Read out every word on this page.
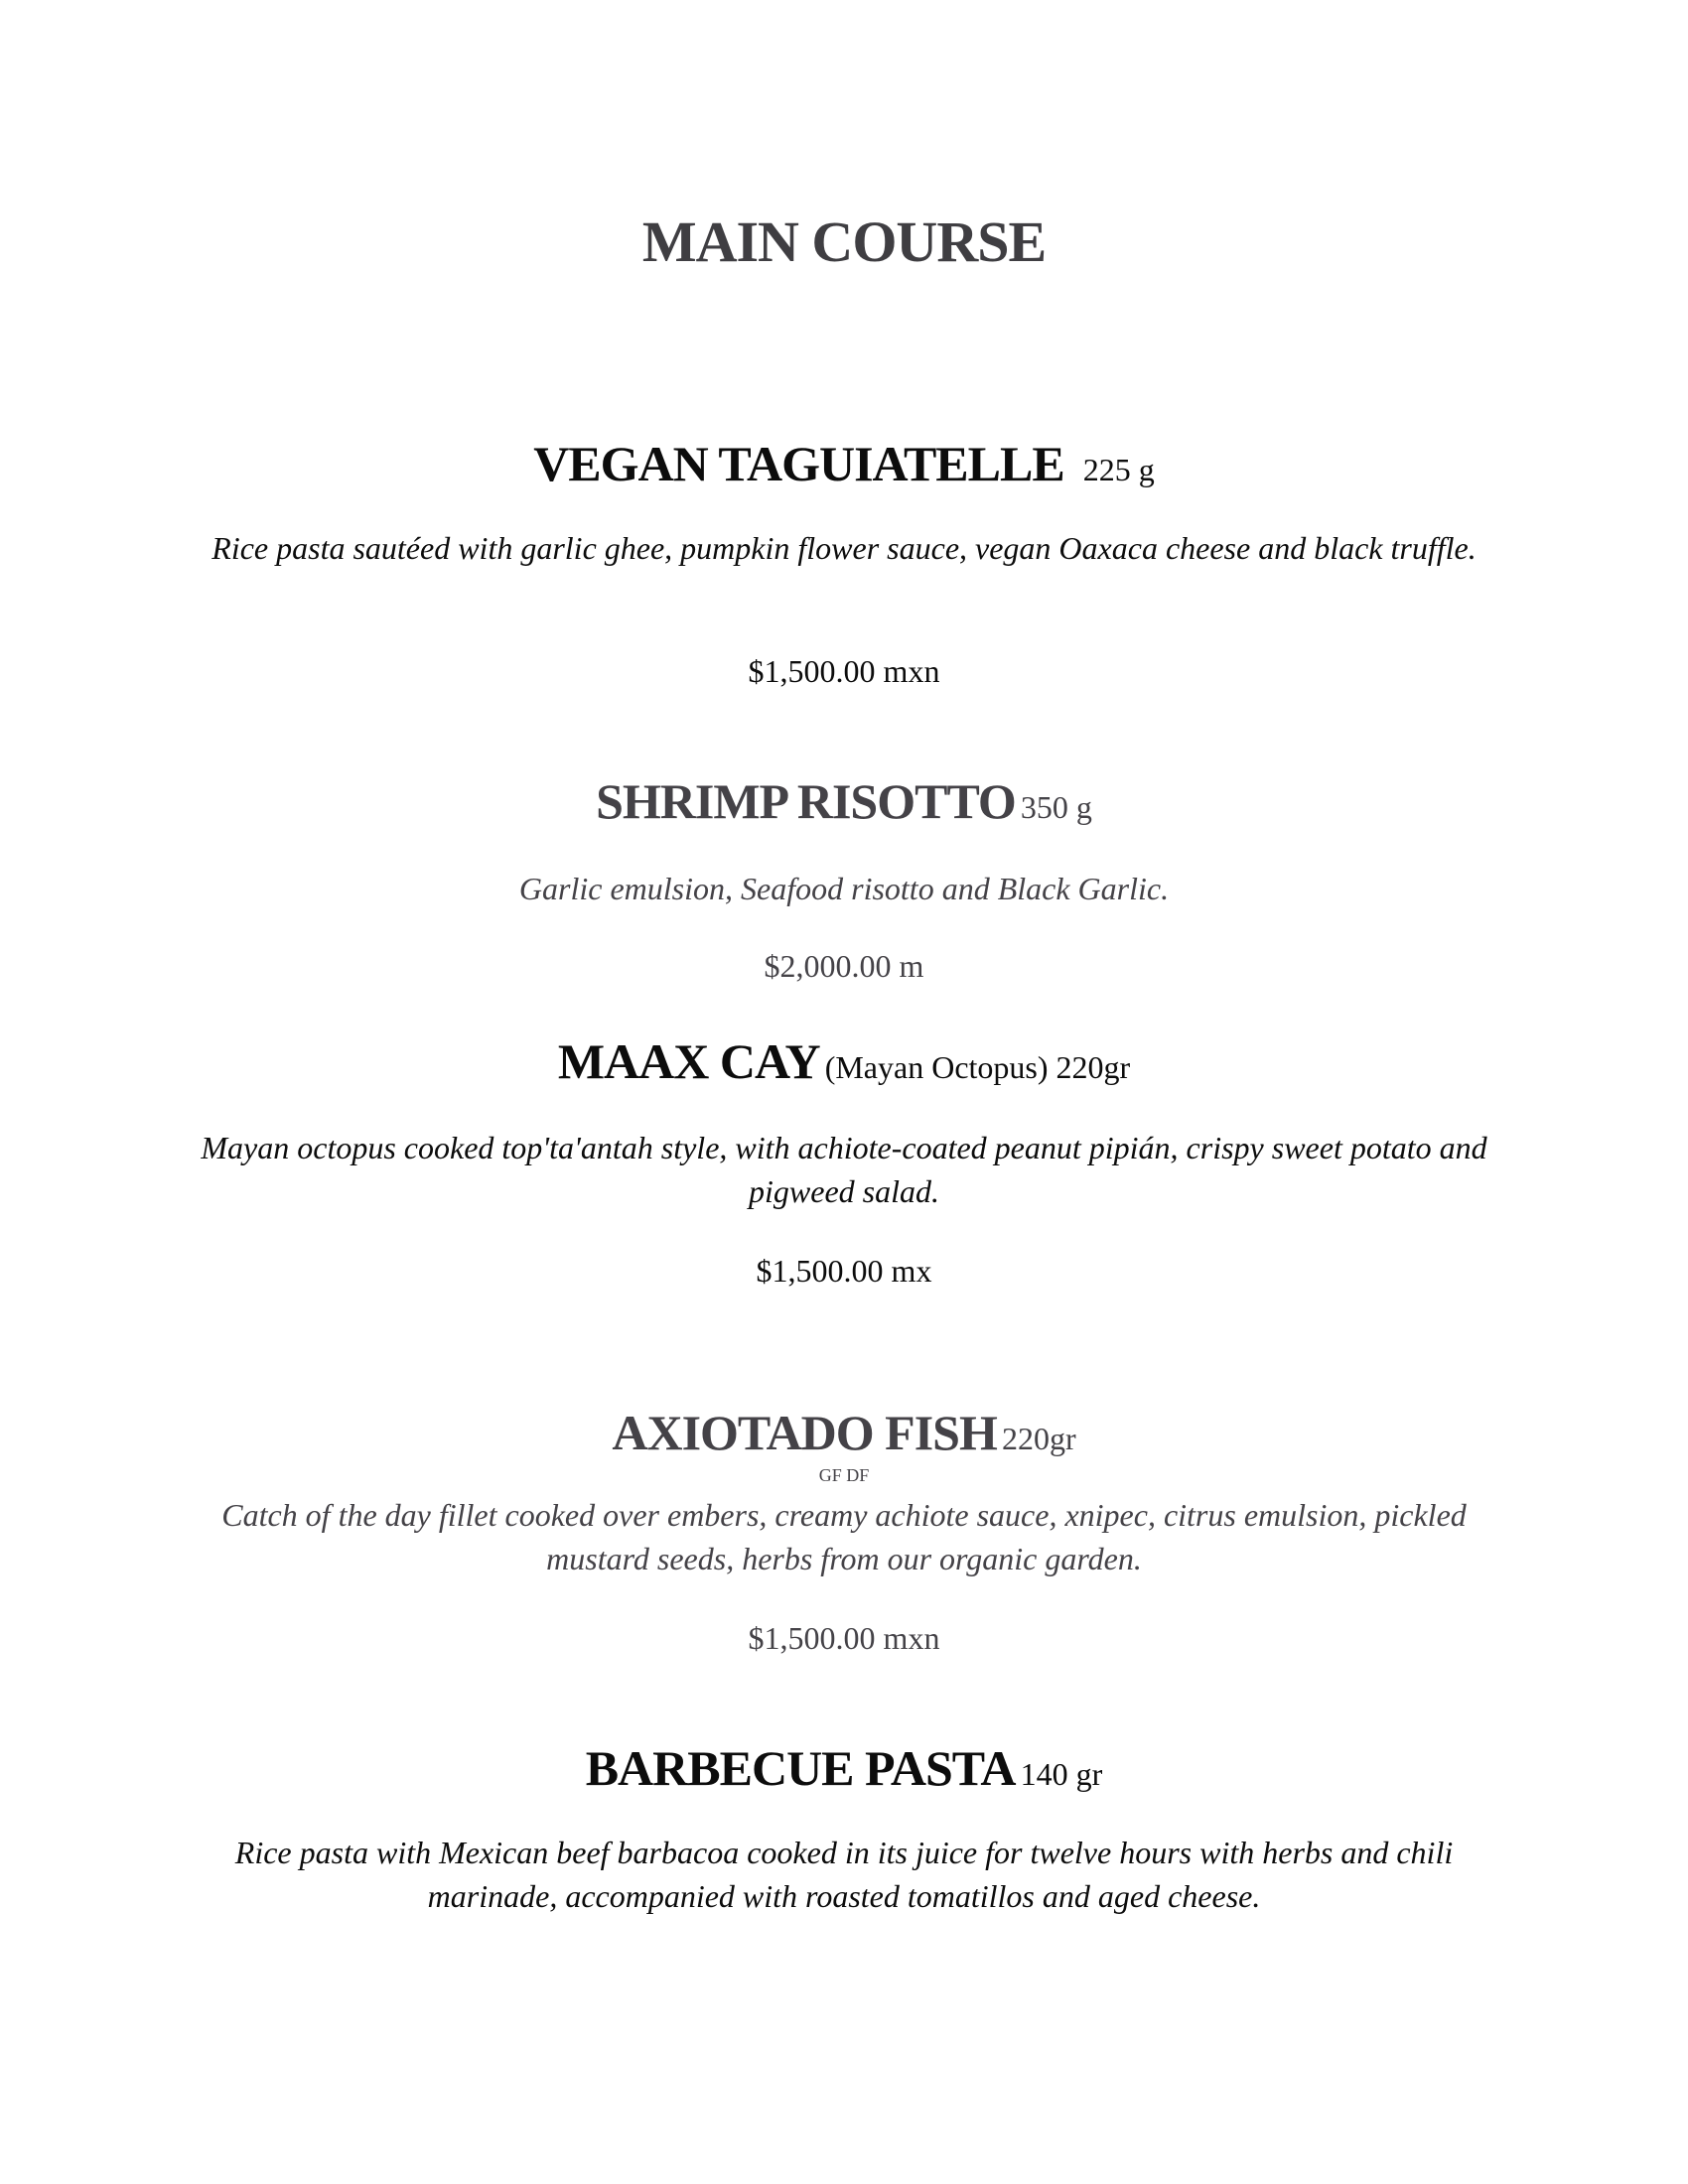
MAIN COURSE
VEGAN TAGUIATELLE 225 g
Rice pasta sautéed with garlic ghee, pumpkin flower sauce, vegan Oaxaca cheese and black truffle.
$1,500.00 mxn
SHRIMP RISOTTO 350 g
Garlic emulsion, Seafood risotto and Black Garlic.
$2,000.00 m
MAAX CAY (Mayan Octopus) 220gr
Mayan octopus cooked top'ta'antah style, with achiote-coated peanut pipián, crispy sweet potato and pigweed salad.
$1,500.00 mx
AXIOTADO FISH 220gr
GF DF
Catch of the day fillet cooked over embers, creamy achiote sauce, xnipec, citrus emulsion, pickled mustard seeds, herbs from our organic garden.
$1,500.00 mxn
BARBECUE PASTA 140 gr
Rice pasta with Mexican beef barbacoa cooked in its juice for twelve hours with herbs and chili marinade, accompanied with roasted tomatillos and aged cheese.
